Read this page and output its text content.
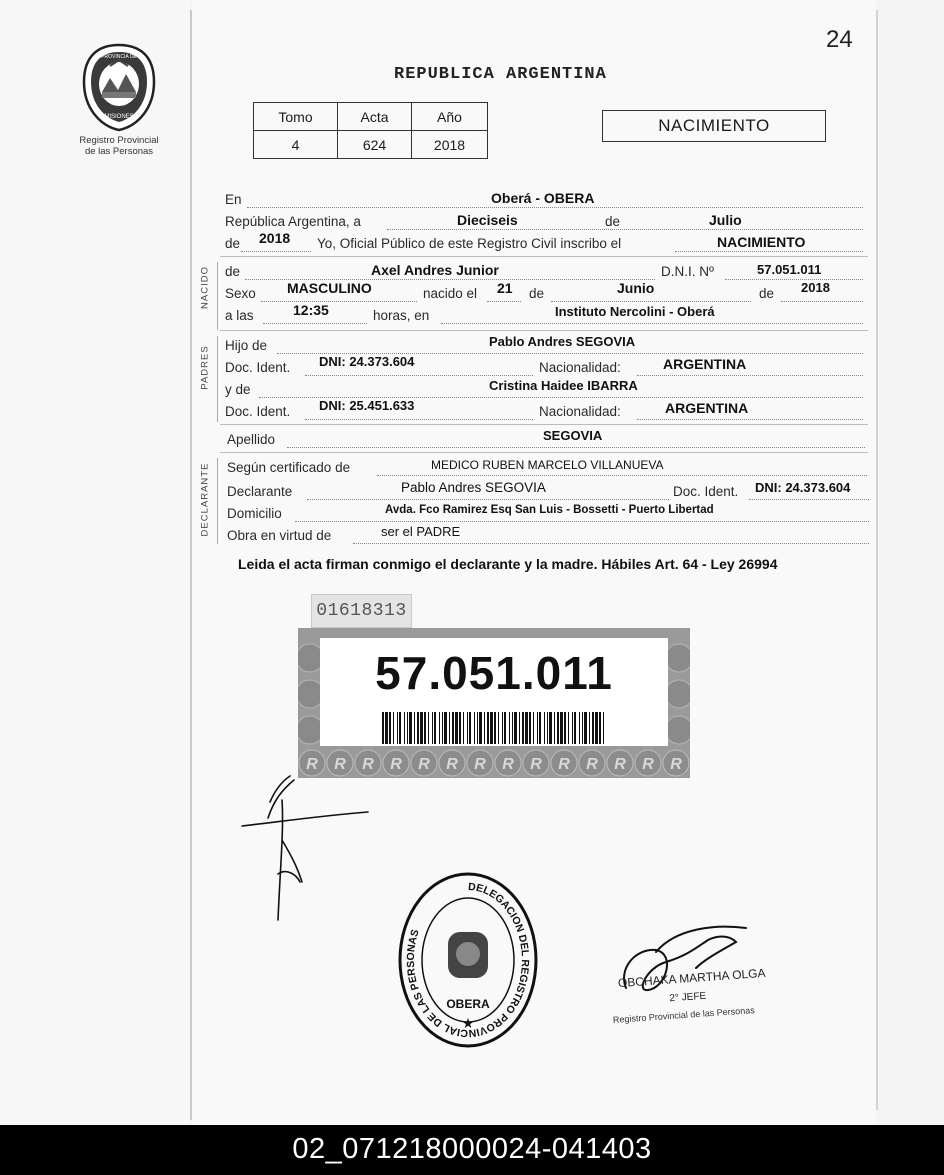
24
PROVINCIA DE
MISIONES
Registro Provincial
de las Personas
REPUBLICA ARGENTINA
Tomo	Acta	Año
4	624	2018
NACIMIENTO
En	Oberá - OBERA
República Argentina, a	Dieciseis	de	Julio
de 2018 Yo, Oficial Público de este Registro Civil inscribo el	NACIMIENTO
NACIDO de	Axel Andres Junior	D.N.I. Nº	57.051.011
Sexo MASCULINO	nacido el 21 de	Junio	de 2018
a las	12:35	horas, en	Instituto Nercolini - Oberá
PADRES Hijo de	Pablo Andres SEGOVIA
Doc. Ident. DNI: 24.373.604	Nacionalidad:	ARGENTINA
y de	Cristina Haidee IBARRA
Doc. Ident. DNI: 25.451.633	Nacionalidad:	ARGENTINA
Apellido	SEGOVIA
DECLARANTE Según certificado de	MEDICO RUBEN MARCELO VILLANUEVA
Declarante	Pablo Andres SEGOVIA	Doc. Ident. DNI: 24.373.604
Domicilio	Avda. Fco Ramirez Esq San Luis - Bossetti - Puerto Libertad
Obra en virtud de	ser el PADRE
Leida el acta firman conmigo el declarante y la madre. Hábiles Art. 64 - Ley 26994
01618313
57.051.011
R R R R R R R R R R R R R R
DELEGACION DEL REGISTRO PROVINCIAL DE LAS PERSONAS
OBERA
★
OBCHAKA MARTHA OLGA
2° JEFE
Registro Provincial de las Personas
02_071218000024-041403
